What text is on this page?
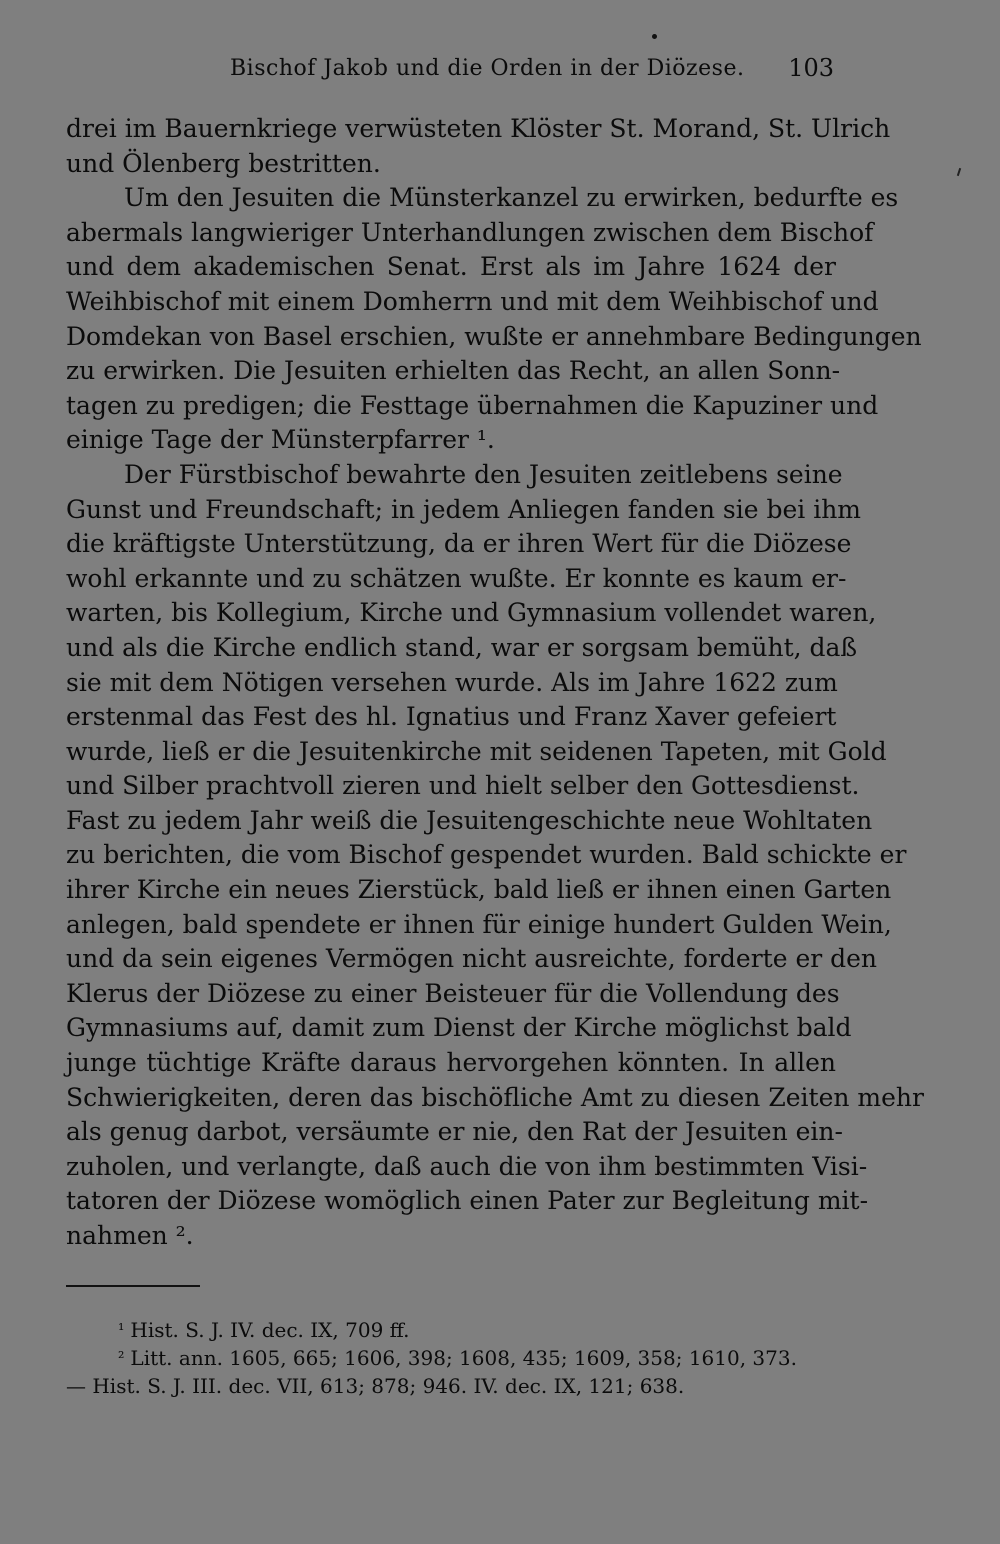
Bischof Jakob und die Orden in der Diözese. 103
drei im Bauernkriege verwüsteten Klöster St. Morand, St. Ulrich
und Ölenberg bestritten.
Um den Jesuiten die Münsterkanzel zu erwirken, bedurfte es
abermals langwieriger Unterhandlungen zwischen dem Bischof
und dem akademischen Senat. Erst als im Jahre 1624 der
Weihbischof mit einem Domherrn und mit dem Weihbischof und
Domdekan von Basel erschien, wußte er annehmbare Bedingungen
zu erwirken. Die Jesuiten erhielten das Recht, an allen Sonn-
tagen zu predigen; die Festtage übernahmen die Kapuziner und
einige Tage der Münsterpfarrer ¹.
Der Fürstbischof bewahrte den Jesuiten zeitlebens seine
Gunst und Freundschaft; in jedem Anliegen fanden sie bei ihm
die kräftigste Unterstützung, da er ihren Wert für die Diözese
wohl erkannte und zu schätzen wußte. Er konnte es kaum er-
warten, bis Kollegium, Kirche und Gymnasium vollendet waren,
und als die Kirche endlich stand, war er sorgsam bemüht, daß
sie mit dem Nötigen versehen wurde. Als im Jahre 1622 zum
erstenmal das Fest des hl. Ignatius und Franz Xaver gefeiert
wurde, ließ er die Jesuitenkirche mit seidenen Tapeten, mit Gold
und Silber prachtvoll zieren und hielt selber den Gottesdienst.
Fast zu jedem Jahr weiß die Jesuitengeschichte neue Wohltaten
zu berichten, die vom Bischof gespendet wurden. Bald schickte er
ihrer Kirche ein neues Zierstück, bald ließ er ihnen einen Garten
anlegen, bald spendete er ihnen für einige hundert Gulden Wein,
und da sein eigenes Vermögen nicht ausreichte, forderte er den
Klerus der Diözese zu einer Beisteuer für die Vollendung des
Gymnasiums auf, damit zum Dienst der Kirche möglichst bald
junge tüchtige Kräfte daraus hervorgehen könnten. In allen
Schwierigkeiten, deren das bischöfliche Amt zu diesen Zeiten mehr
als genug darbot, versäumte er nie, den Rat der Jesuiten ein-
zuholen, und verlangte, daß auch die von ihm bestimmten Visi-
tatoren der Diözese womöglich einen Pater zur Begleitung mit-
nahmen ².
¹ Hist. S. J. IV. dec. IX, 709 ff.
² Litt. ann. 1605, 665; 1606, 398; 1608, 435; 1609, 358; 1610, 373.
— Hist. S. J. III. dec. VII, 613; 878; 946. IV. dec. IX, 121; 638.
